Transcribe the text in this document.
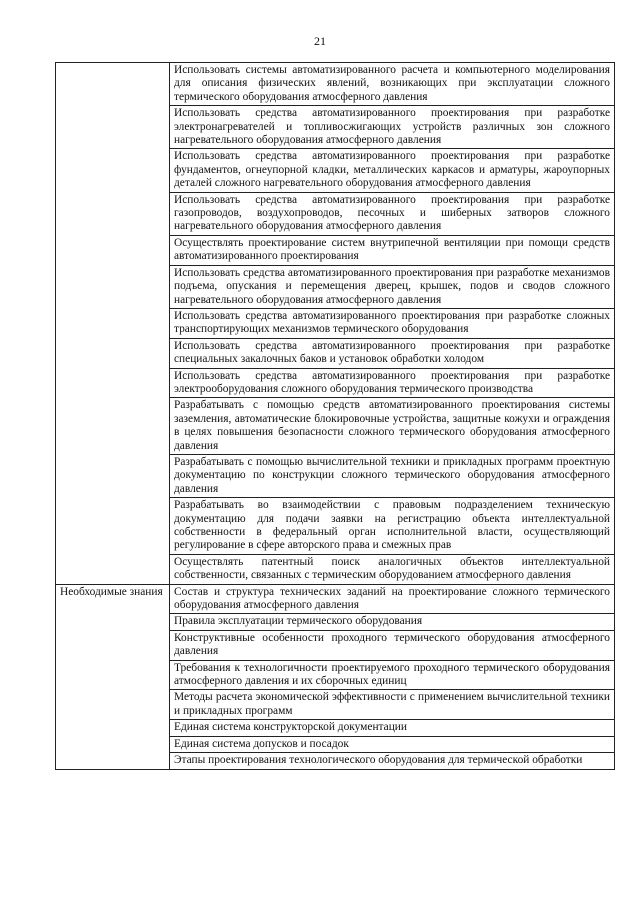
21
	Использовать системы автоматизированного расчета и компьютерного моделирования для описания физических явлений, возникающих при эксплуатации сложного термического оборудования атмосферного давления
	Использовать средства автоматизированного проектирования при разработке электронагревателей и топливосжигающих устройств различных зон сложного нагревательного оборудования атмосферного давления
	Использовать средства автоматизированного проектирования при разработке фундаментов, огнеупорной кладки, металлических каркасов и арматуры, жароупорных деталей сложного нагревательного оборудования атмосферного давления
	Использовать средства автоматизированного проектирования при разработке газопроводов, воздухопроводов, песочных и шиберных затворов сложного нагревательного оборудования атмосферного давления
	Осуществлять проектирование систем внутрипечной вентиляции при помощи средств автоматизированного проектирования
	Использовать средства автоматизированного проектирования при разработке механизмов подъема, опускания и перемещения дверец, крышек, подов и сводов сложного нагревательного оборудования атмосферного давления
	Использовать средства автоматизированного проектирования при разработке сложных транспортирующих механизмов термического оборудования
	Использовать средства автоматизированного проектирования при разработке специальных закалочных баков и установок обработки холодом
	Использовать средства автоматизированного проектирования при разработке электрооборудования сложного оборудования термического производства
	Разрабатывать с помощью средств автоматизированного проектирования системы заземления, автоматические блокировочные устройства, защитные кожухи и ограждения в целях повышения безопасности сложного термического оборудования атмосферного давления
	Разрабатывать с помощью вычислительной техники и прикладных программ проектную документацию по конструкции сложного термического оборудования атмосферного давления
	Разрабатывать во взаимодействии с правовым подразделением техническую документацию для подачи заявки на регистрацию объекта интеллектуальной собственности в федеральный орган исполнительной власти, осуществляющий регулирование в сфере авторского права и смежных прав
	Осуществлять патентный поиск аналогичных объектов интеллектуальной собственности, связанных с термическим оборудованием атмосферного давления
Необходимые знания	Состав и структура технических заданий на проектирование сложного термического оборудования атмосферного давления
	Правила эксплуатации термического оборудования
	Конструктивные особенности проходного термического оборудования атмосферного давления
	Требования к технологичности проектируемого проходного термического оборудования атмосферного давления и их сборочных единиц
	Методы расчета экономической эффективности с применением вычислительной техники и прикладных программ
	Единая система конструкторской документации
	Единая система допусков и посадок
	Этапы проектирования технологического оборудования для термической обработки
